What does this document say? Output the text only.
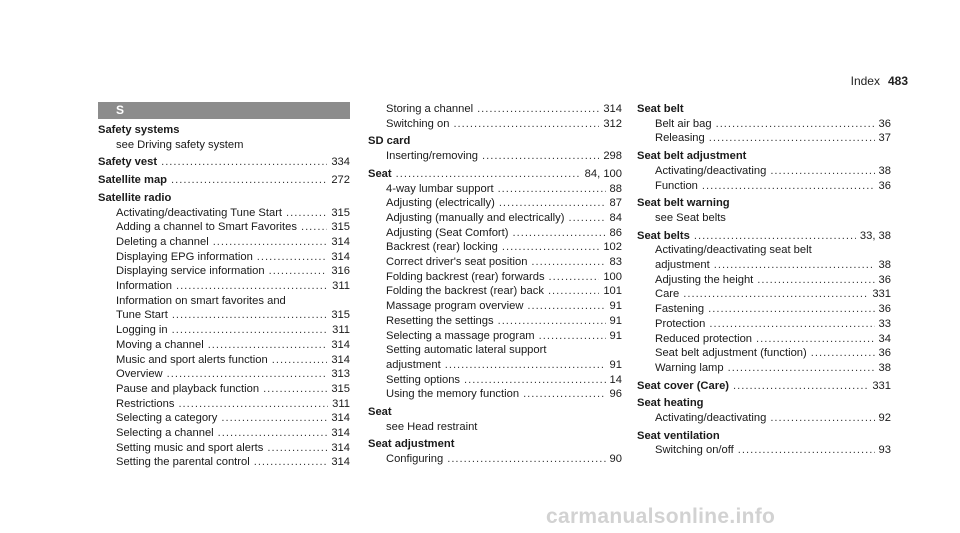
Index 483
S
Safety systems
see Driving safety system
Safety vest .....	334
Satellite map .....	272
Satellite radio
Activating/deactivating Tune Start .....	315
Adding a channel to Smart Favorites .....	315
Deleting a channel .....	314
Displaying EPG information .....	314
Displaying service information .....	316
Information .....	311
Information on smart favorites and
Tune Start .....	315
Logging in .....	311
Moving a channel .....	314
Music and sport alerts function .....	314
Overview .....	313
Pause and playback function .....	315
Restrictions .....	311
Selecting a category .....	314
Selecting a channel .....	314
Setting music and sport alerts .....	314
Setting the parental control .....	314
Storing a channel .....	314
Switching on .....	312
SD card
Inserting/removing .....	298
Seat .....	84, 100
4-way lumbar support .....	88
Adjusting (electrically) .....	87
Adjusting (manually and electrically) .....	84
Adjusting (Seat Comfort) .....	86
Backrest (rear) locking .....	102
Correct driver's seat position .....	83
Folding backrest (rear) forwards .....	100
Folding the backrest (rear) back .....	101
Massage program overview .....	91
Resetting the settings .....	91
Selecting a massage program .....	91
Setting automatic lateral support
adjustment .....	91
Setting options .....	14
Using the memory function .....	96
Seat
see Head restraint
Seat adjustment
Configuring .....	90
Seat belt
Belt air bag .....	36
Releasing .....	37
Seat belt adjustment
Activating/deactivating .....	38
Function .....	36
Seat belt warning
see Seat belts
Seat belts .....	33, 38
Activating/deactivating seat belt
adjustment .....	38
Adjusting the height .....	36
Care .....	331
Fastening .....	36
Protection .....	33
Reduced protection .....	34
Seat belt adjustment (function) .....	36
Warning lamp .....	38
Seat cover (Care) .....	331
Seat heating
Activating/deactivating .....	92
Seat ventilation
Switching on/off .....	93
carmanualsonline.info
